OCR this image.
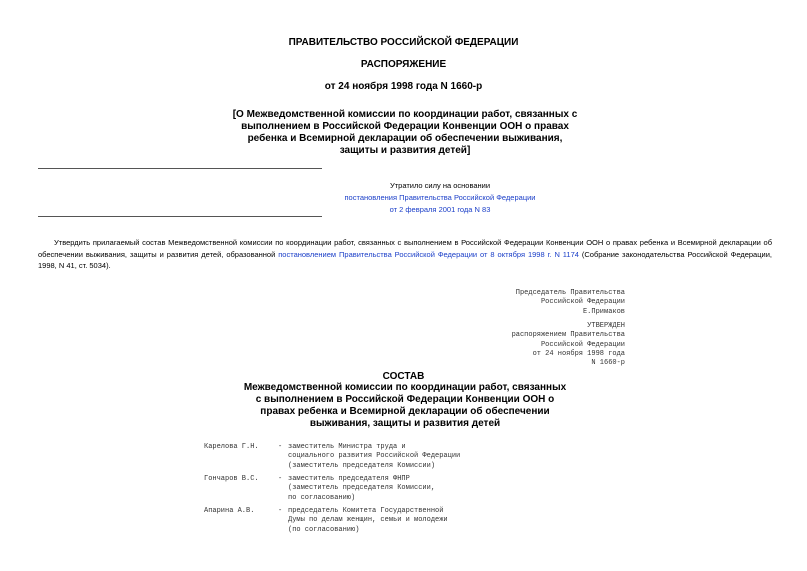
ПРАВИТЕЛЬСТВО РОССИЙСКОЙ ФЕДЕРАЦИИ
РАСПОРЯЖЕНИЕ
от 24 ноября 1998 года N 1660-р
[О Межведомственной комиссии по координации работ, связанных с выполнением в Российской Федерации Конвенции ООН о правах ребенка и Всемирной декларации об обеспечении выживания, защиты и развития детей]
Утратило силу на основании
постановления Правительства Российской Федерации
от 2 февраля 2001 года N 83
Утвердить прилагаемый состав Межведомственной комиссии по координации работ, связанных с выполнением в Российской Федерации Конвенции ООН о правах ребенка и Всемирной декларации об обеспечении выживания, защиты и развития детей, образованной постановлением Правительства Российской Федерации от 8 октября 1998 г. N 1174 (Собрание законодательства Российской Федерации, 1998, N 41, ст. 5034).
Председатель Правительства
Российской Федерации
Е.Примаков
УТВЕРЖДЕН
распоряжением Правительства
Российской Федерации
от 24 ноября 1998 года
N 1660-р
СОСТАВ
Межведомственной комиссии по координации работ, связанных с выполнением в Российской Федерации Конвенции ООН о правах ребенка и Всемирной декларации об обеспечении выживания, защиты и развития детей
Карелова Г.Н.	- заместитель Министра труда и
социального развития Российской Федерации
(заместитель председателя Комиссии)
Гончаров В.С.	- заместитель председателя ФНПР
(заместитель председателя Комиссии,
по согласованию)
Апарина А.В.	- председатель Комитета Государственной
Думы по делам женщин, семьи и молодежи
(по согласованию)
